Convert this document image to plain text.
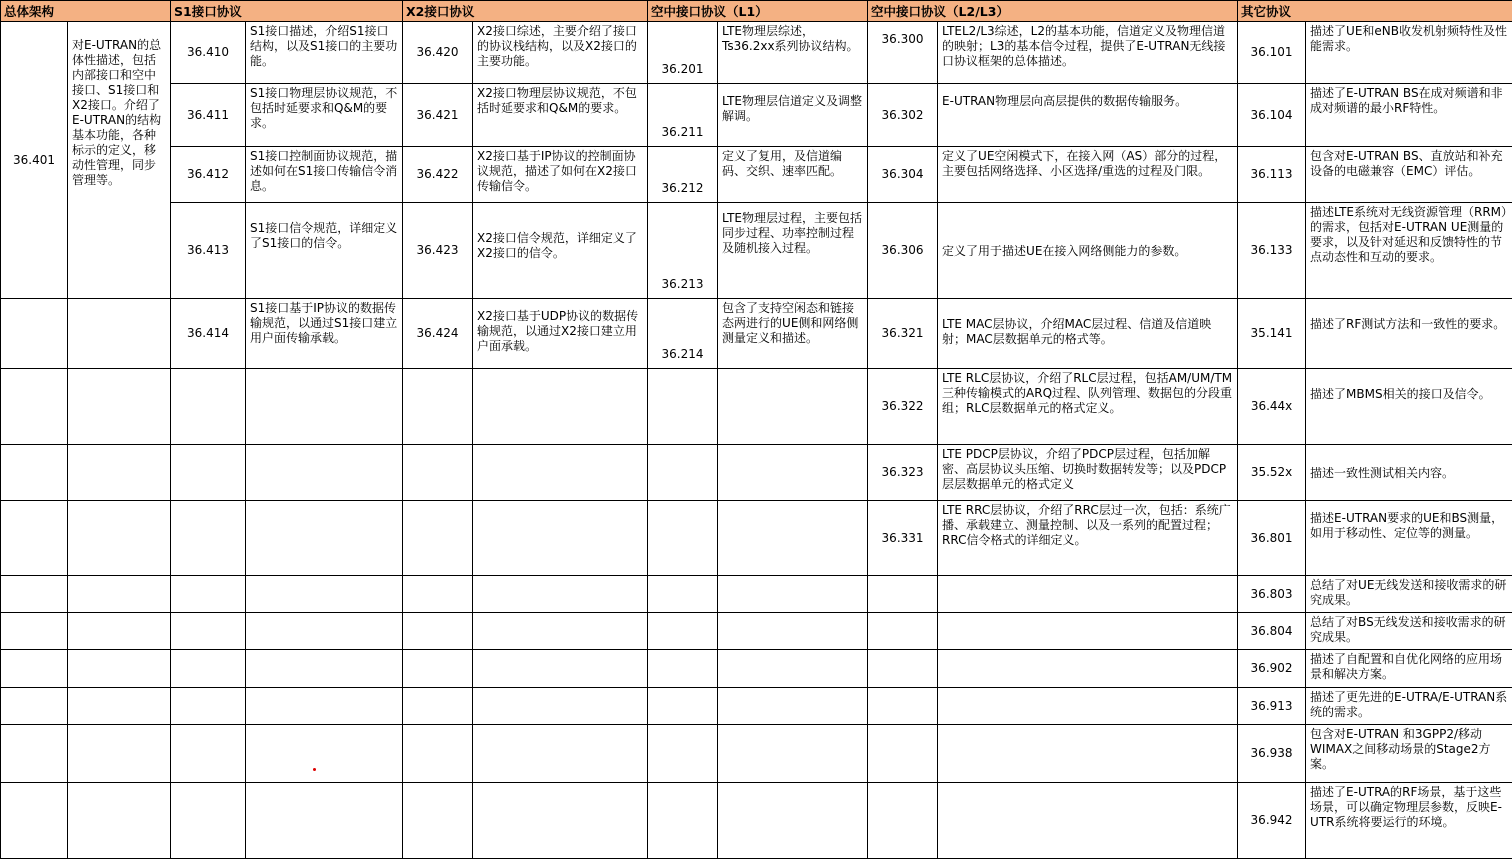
总体架构		S1接口协议		X2接口协议		空中接口协议（L1）		空中接口协议（L2/L3）		其它协议	
36.401	对E-UTRAN的总体性描述，包括内部接口和空中接口、S1接口和X2接口。介绍了E-UTRAN的结构基本功能，各种标示的定义，移动性管理，同步管理等。	36.410	S1接口描述，介绍S1接口结构，以及S1接口的主要功能。	36.420	X2接口综述，主要介绍了接口的协议栈结构，以及X2接口的主要功能。	36.201	LTE物理层综述，Ts36.2xx系列协议结构。	36.300	LTEL2/L3综述，L2的基本功能，信道定义及物理信道的映射；L3的基本信令过程，提供了E-UTRAN无线接口协议框架的总体描述。	36.101	描述了UE和eNB收发机射频特性及性能需求。
		36.411	S1接口物理层协议规范，不包括时延要求和Q&M的要求。	36.421	X2接口物理层协议规范，不包括时延要求和Q&M的要求。	36.211	LTE物理层信道定义及调整解调。	36.302	E-UTRAN物理层向高层提供的数据传输服务。	36.104	描述了E-UTRAN BS在成对频谱和非成对频谱的最小RF特性。
		36.412	S1接口控制面协议规范，描述如何在S1接口传输信令消息。	36.422	X2接口基于IP协议的控制面协议规范，描述了如何在X2接口传输信令。	36.212	定义了复用，及信道编码、交织、速率匹配。	36.304	定义了UE空闲模式下，在接入网（AS）部分的过程，主要包括网络选择、小区选择/重选的过程及门限。	36.113	包含对E-UTRAN BS、直放站和补充设备的电磁兼容（EMC）评估。
		36.413	S1接口信令规范，详细定义了S1接口的信令。	36.423	X2接口信令规范，详细定义了X2接口的信令。	36.213	LTE物理层过程，主要包括同步过程、功率控制过程及随机接入过程。	36.306	定义了用于描述UE在接入网络侧能力的参数。	36.133	描述LTE系统对无线资源管理（RRM）的需求，包括对E-UTRAN UE测量的要求，以及针对延迟和反馈特性的节点动态性和互动的要求。
		36.414	S1接口基于IP协议的数据传输规范，以通过S1接口建立用户面传输承载。	36.424	X2接口基于UDP协议的数据传输规范，以通过X2接口建立用户面承载。	36.214	包含了支持空闲态和链接态两进行的UE侧和网络侧测量定义和描述。	36.321	LTE MAC层协议，介绍MAC层过程、信道及信道映射；MAC层数据单元的格式等。	35.141	描述了RF测试方法和一致性的要求。
								36.322	LTE RLC层协议，介绍了RLC层过程，包括AM/UM/TM三种传输模式的ARQ过程、队列管理、数据包的分段重组；RLC层数据单元的格式定义。	36.44x	描述了MBMS相关的接口及信令。
								36.323	LTE PDCP层协议，介绍了PDCP层过程，包括加解密、高层协议头压缩、切换时数据转发等；以及PDCP层层数据单元的格式定义	35.52x	描述一致性测试相关内容。
								36.331	LTE RRC层协议，介绍了RRC层过一次，包括：系统广播、承载建立、测量控制、以及一系列的配置过程；RRC信令格式的详细定义。	36.801	描述E-UTRAN要求的UE和BS测量，如用于移动性、定位等的测量。
										36.803	总结了对UE无线发送和接收需求的研究成果。
										36.804	总结了对BS无线发送和接收需求的研究成果。
										36.902	描述了自配置和自优化网络的应用场景和解决方案。
										36.913	描述了更先进的E-UTRA/E-UTRAN系统的需求。
										36.938	包含对E-UTRAN 和3GPP2/移动WIMAX之间移动场景的Stage2方案。
										36.942	描述了E-UTRA的RF场景，基于这些场景，可以确定物理层参数，反映E-UTR系统将要运行的环境。
